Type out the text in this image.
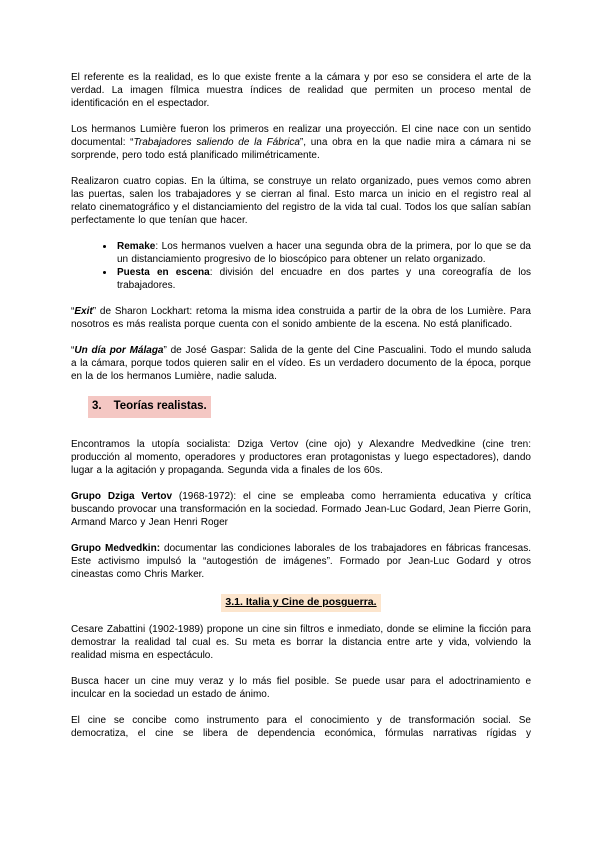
El referente es la realidad, es lo que existe frente a la cámara y por eso se considera el arte de la verdad. La imagen fílmica muestra índices de realidad que permiten un proceso mental de identificación en el espectador.

Los hermanos Lumière fueron los primeros en realizar una proyección. El cine nace con un sentido documental: “Trabajadores saliendo de la Fábrica”, una obra en la que nadie mira a cámara ni se sorprende, pero todo está planificado milimétricamente.

Realizaron cuatro copias. En la última, se construye un relato organizado, pues vemos como abren las puertas, salen los trabajadores y se cierran al final. Esto marca un inicio en el registro real al relato cinematográfico y el distanciamiento del registro de la vida tal cual. Todos los que salían sabían perfectamente lo que tenían que hacer.

• Remake: Los hermanos vuelven a hacer una segunda obra de la primera, por lo que se da un distanciamiento progresivo de lo bioscópico para obtener un relato organizado.
• Puesta en escena: división del encuadre en dos partes y una coreografía de los trabajadores.

“Exit” de Sharon Lockhart: retoma la misma idea construida a partir de la obra de los Lumière. Para nosotros es más realista porque cuenta con el sonido ambiente de la escena. No está planificado.

“Un día por Málaga” de José Gaspar: Salida de la gente del Cine Pascualini. Todo el mundo saluda a la cámara, porque todos quieren salir en el vídeo. Es un verdadero documento de la época, porque en la de los hermanos Lumière, nadie saluda.

3. Teorías realistas.

Encontramos la utopía socialista: Dziga Vertov (cine ojo) y Alexandre Medvedkine (cine tren: producción al momento, operadores y productores eran protagonistas y luego espectadores), dando lugar a la agitación y propaganda. Segunda vida a finales de los 60s.

Grupo Dziga Vertov (1968-1972): el cine se empleaba como herramienta educativa y crítica buscando provocar una transformación en la sociedad. Formado Jean-Luc Godard, Jean Pierre Gorin, Armand Marco y Jean Henri Roger

Grupo Medvedkin: documentar las condiciones laborales de los trabajadores en fábricas francesas. Este activismo impulsó la “autogestión de imágenes”. Formado por Jean-Luc Godard y otros cineastas como Chris Marker.

3.1. Italia y Cine de posguerra.

Cesare Zabattini (1902-1989) propone un cine sin filtros e inmediato, donde se elimine la ficción para demostrar la realidad tal cual es. Su meta es borrar la distancia entre arte y vida, volviendo la realidad misma en espectáculo.

Busca hacer un cine muy veraz y lo más fiel posible. Se puede usar para el adoctrinamiento e inculcar en la sociedad un estado de ánimo.

El cine se concibe como instrumento para el conocimiento y de transformación social. Se democratiza, el cine se libera de dependencia económica, fórmulas narrativas rígidas y
